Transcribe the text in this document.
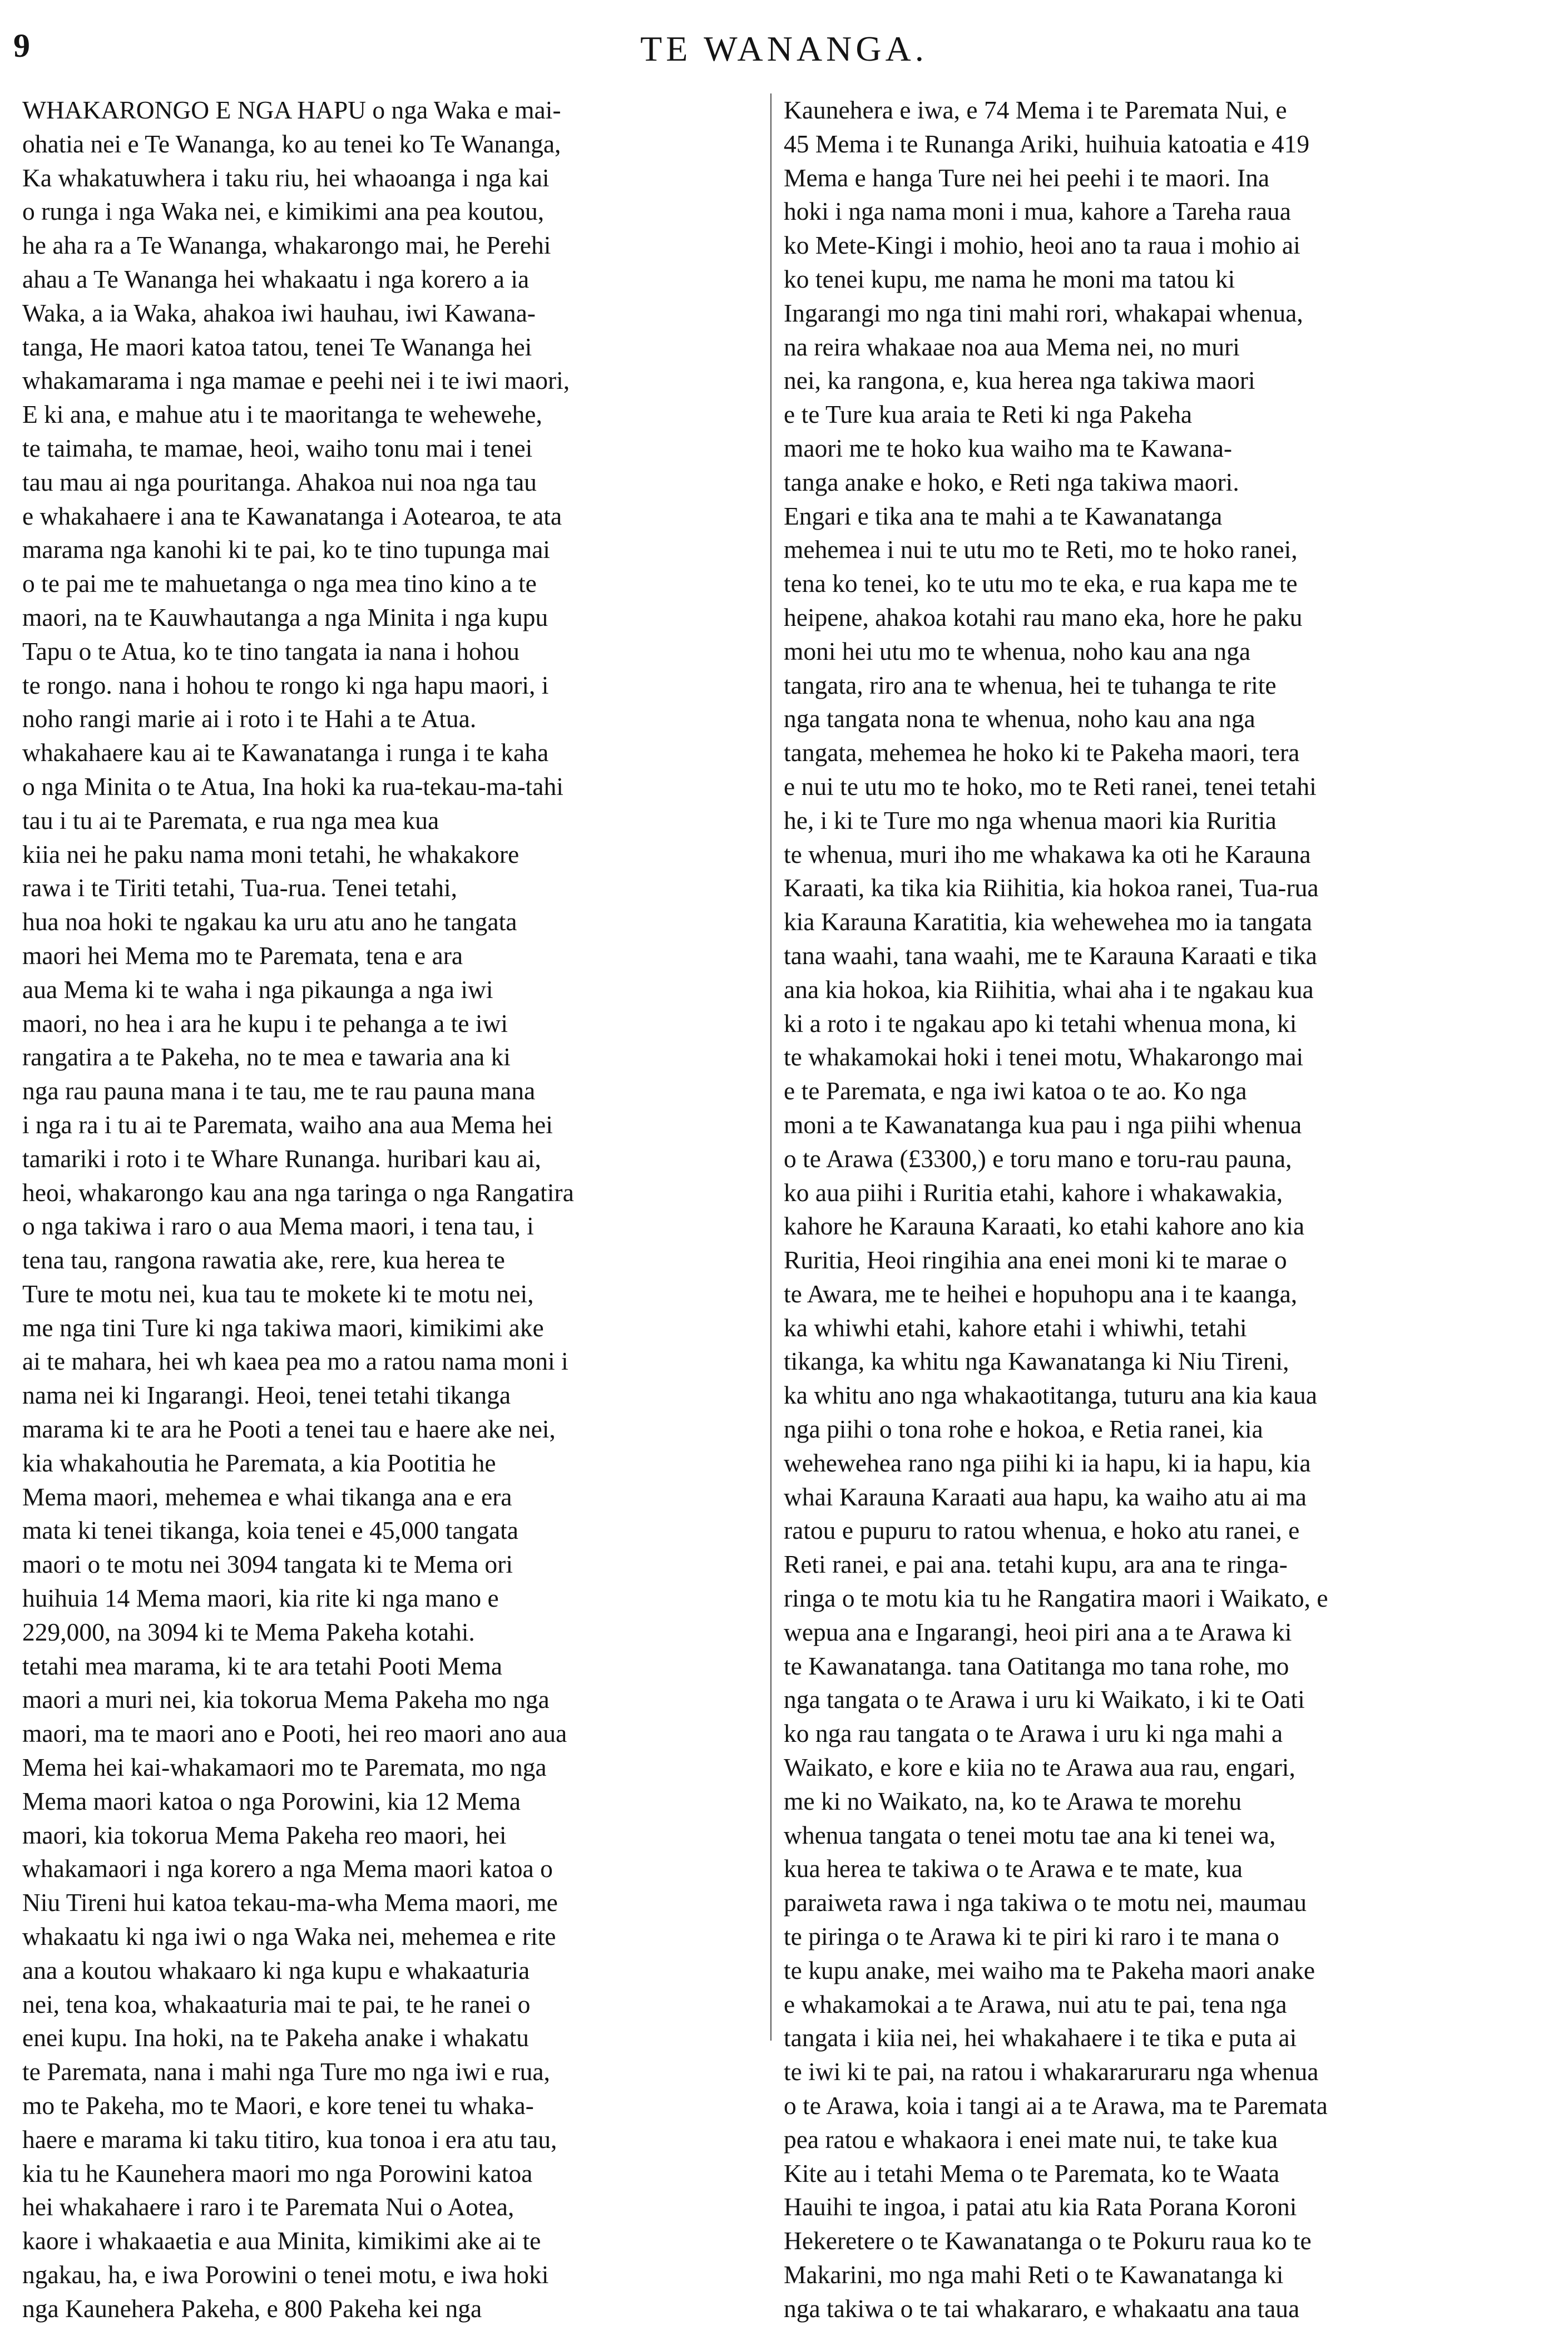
9	TE WANANGA.
WHAKARONGO E NGA HAPU o nga Waka e mai-
ohatia nei e Te Wananga, ko au tenei ko Te Wananga,
Ka whakatuwhera i taku riu, hei whaoanga i nga kai
o runga i nga Waka nei, e kimikimi ana pea koutou,
he aha ra a Te Wananga, whakarongo mai, he Perehi
ahau a Te Wananga hei whakaatu i nga korero a ia
Waka, a ia Waka, ahakoa iwi hauhau, iwi Kawana-
tanga, He maori katoa tatou, tenei Te Wananga hei
whakamarama i nga mamae e peehi nei i te iwi maori,
E ki ana, e mahue atu i te maoritanga te wehewehe,
te taimaha, te mamae, heoi, waiho tonu mai i tenei
tau mau ai nga pouritanga. Ahakoa nui noa nga tau
e whakahaere i ana te Kawanatanga i Aotearoa, te ata
marama nga kanohi ki te pai, ko te tino tupunga mai
o te pai me te mahuetanga o nga mea tino kino a te
maori, na te Kauwhautanga a nga Minita i nga kupu
Tapu o te Atua, ko te tino tangata ia nana i hohou
te rongo. nana i hohou te rongo ki nga hapu maori, i
noho rangi marie ai i roto i te Hahi a te Atua.
whakahaere kau ai te Kawanatanga i runga i te kaha
o nga Minita o te Atua, Ina hoki ka rua-tekau-ma-tahi
tau i tu ai te Paremata, e rua nga mea kua
kiia nei he paku nama moni tetahi, he whakakore
rawa i te Tiriti tetahi, Tua-rua. Tenei tetahi,
hua noa hoki te ngakau ka uru atu ano he tangata
maori hei Mema mo te Paremata, tena e ara
aua Mema ki te waha i nga pikaunga a nga iwi
maori, no hea i ara he kupu i te pehanga a te iwi
rangatira a te Pakeha, no te mea e tawaria ana ki
nga rau pauna mana i te tau, me te rau pauna mana
i nga ra i tu ai te Paremata, waiho ana aua Mema hei
tamariki i roto i te Whare Runanga. huribari kau ai,
heoi, whakarongo kau ana nga taringa o nga Rangatira
o nga takiwa i raro o aua Mema maori, i tena tau, i
tena tau, rangona rawatia ake, rere, kua herea te
Ture te motu nei, kua tau te mokete ki te motu nei,
me nga tini Ture ki nga takiwa maori, kimikimi ake
ai te mahara, hei wh kaea pea mo a ratou nama moni i
nama nei ki Ingarangi. Heoi, tenei tetahi tikanga
marama ki te ara he Pooti a tenei tau e haere ake nei,
kia whakahoutia he Paremata, a kia Pootitia he
Mema maori, mehemea e whai tikanga ana e era
mata ki tenei tikanga, koia tenei e 45,000 tangata
maori o te motu nei 3094 tangata ki te Mema ori
huihuia 14 Mema maori, kia rite ki nga mano e
229,000, na 3094 ki te Mema Pakeha kotahi.
tetahi mea marama, ki te ara tetahi Pooti Mema
maori a muri nei, kia tokorua Mema Pakeha mo nga
maori, ma te maori ano e Pooti, hei reo maori ano aua
Mema hei kai-whakamaori mo te Paremata, mo nga
Mema maori katoa o nga Porowini, kia 12 Mema
maori, kia tokorua Mema Pakeha reo maori, hei
whakamaori i nga korero a nga Mema maori katoa o
Niu Tireni hui katoa tekau-ma-wha Mema maori, me
whakaatu ki nga iwi o nga Waka nei, mehemea e rite
ana a koutou whakaaro ki nga kupu e whakaaturia
nei, tena koa, whakaaturia mai te pai, te he ranei o
enei kupu. Ina hoki, na te Pakeha anake i whakatu
te Paremata, nana i mahi nga Ture mo nga iwi e rua,
mo te Pakeha, mo te Maori, e kore tenei tu whaka-
haere e marama ki taku titiro, kua tonoa i era atu tau,
kia tu he Kaunehera maori mo nga Porowini katoa
hei whakahaere i raro i te Paremata Nui o Aotea,
kaore i whakaaetia e aua Minita, kimikimi ake ai te
ngakau, ha, e iwa Porowini o tenei motu, e iwa hoki
nga Kaunehera Pakeha, e 800 Pakeha kei nga
Kaunehera e iwa, e 74 Mema i te Paremata Nui, e
45 Mema i te Runanga Ariki, huihuia katoatia e 419
Mema e hanga Ture nei hei peehi i te maori. Ina
hoki i nga nama moni i mua, kahore a Tareha raua
ko Mete-Kingi i mohio, heoi ano ta raua i mohio ai
ko tenei kupu, me nama he moni ma tatou ki
Ingarangi mo nga tini mahi rori, whakapai whenua,
na reira whakaae noa aua Mema nei, no muri
nei, ka rangona, e, kua herea nga takiwa maori
e te Ture kua araia te Reti ki nga Pakeha
maori me te hoko kua waiho ma te Kawana-
tanga anake e hoko, e Reti nga takiwa maori.
Engari e tika ana te mahi a te Kawanatanga
mehemea i nui te utu mo te Reti, mo te hoko ranei,
tena ko tenei, ko te utu mo te eka, e rua kapa me te
heipene, ahakoa kotahi rau mano eka, hore he paku
moni hei utu mo te whenua, noho kau ana nga
tangata, riro ana te whenua, hei te tuhanga te rite
nga tangata nona te whenua, noho kau ana nga
tangata, mehemea he hoko ki te Pakeha maori, tera
e nui te utu mo te hoko, mo te Reti ranei, tenei tetahi
he, i ki te Ture mo nga whenua maori kia Ruritia
te whenua, muri iho me whakawa ka oti he Karauna
Karaati, ka tika kia Riihitia, kia hokoa ranei, Tua-rua
kia Karauna Karatitia, kia wehewehea mo ia tangata
tana waahi, tana waahi, me te Karauna Karaati e tika
ana kia hokoa, kia Riihitia, whai aha i te ngakau kua
ki a roto i te ngakau apo ki tetahi whenua mona, ki
te whakamokai hoki i tenei motu, Whakarongo mai
e te Paremata, e nga iwi katoa o te ao. Ko nga
moni a te Kawanatanga kua pau i nga piihi whenua
o te Arawa (£3300,) e toru mano e toru-rau pauna,
ko aua piihi i Ruritia etahi, kahore i whakawakia,
kahore he Karauna Karaati, ko etahi kahore ano kia
Ruritia, Heoi ringihia ana enei moni ki te marae o
te Awara, me te heihei e hopuhopu ana i te kaanga,
ka whiwhi etahi, kahore etahi i whiwhi, tetahi
tikanga, ka whitu nga Kawanatanga ki Niu Tireni,
ka whitu ano nga whakaotitanga, tuturu ana kia kaua
nga piihi o tona rohe e hokoa, e Retia ranei, kia
wehewehea rano nga piihi ki ia hapu, ki ia hapu, kia
whai Karauna Karaati aua hapu, ka waiho atu ai ma
ratou e pupuru to ratou whenua, e hoko atu ranei, e
Reti ranei, e pai ana. tetahi kupu, ara ana te ringa-
ringa o te motu kia tu he Rangatira maori i Waikato, e
wepua ana e Ingarangi, heoi piri ana a te Arawa ki
te Kawanatanga. tana Oatitanga mo tana rohe, mo
nga tangata o te Arawa i uru ki Waikato, i ki te Oati
ko nga rau tangata o te Arawa i uru ki nga mahi a
Waikato, e kore e kiia no te Arawa aua rau, engari,
me ki no Waikato, na, ko te Arawa te morehu
whenua tangata o tenei motu tae ana ki tenei wa,
kua herea te takiwa o te Arawa e te mate, kua
paraiweta rawa i nga takiwa o te motu nei, maumau
te piringa o te Arawa ki te piri ki raro i te mana o
te kupu anake, mei waiho ma te Pakeha maori anake
e whakamokai a te Arawa, nui atu te pai, tena nga
tangata i kiia nei, hei whakahaere i te tika e puta ai
te iwi ki te pai, na ratou i whakararuraru nga whenua
o te Arawa, koia i tangi ai a te Arawa, ma te Paremata
pea ratou e whakaora i enei mate nui, te take kua
Kite au i tetahi Mema o te Paremata, ko te Waata
Hauihi te ingoa, i patai atu kia Rata Porana Koroni
Hekeretere o te Kawanatanga o te Pokuru raua ko te
Makarini, mo nga mahi Reti o te Kawanatanga ki
nga takiwa o te tai whakararo, e whakaatu ana taua
